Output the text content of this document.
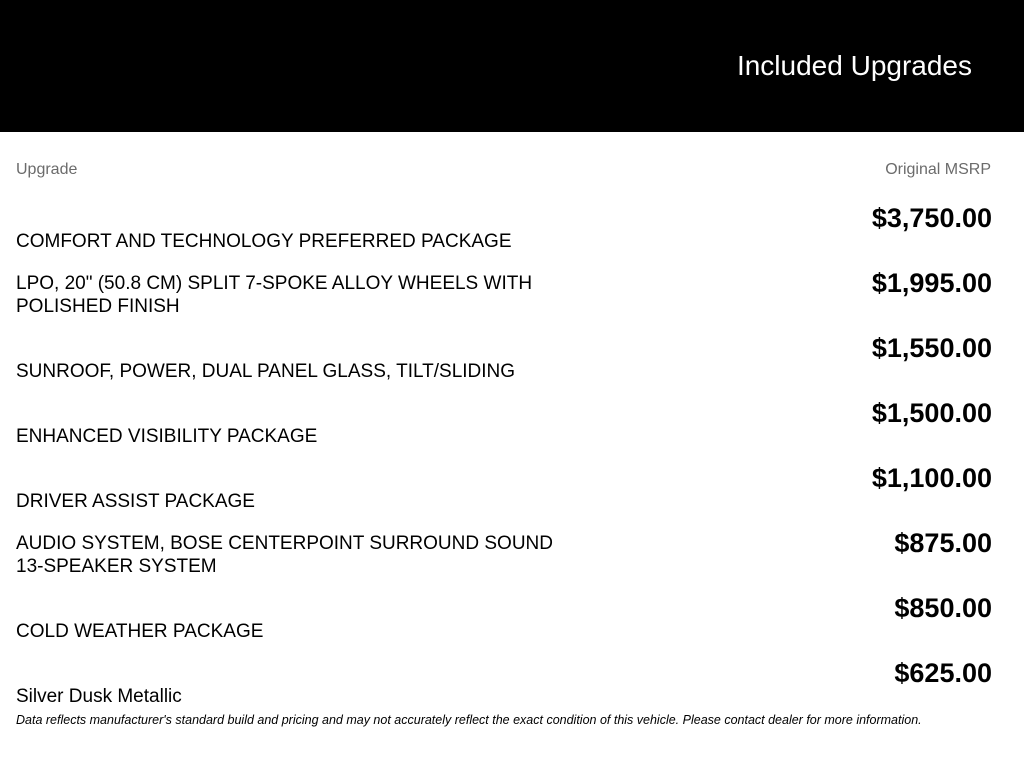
Included Upgrades
Upgrade	Original MSRP
COMFORT AND TECHNOLOGY PREFERRED PACKAGE
$3,750.00
LPO, 20" (50.8 CM) SPLIT 7-SPOKE ALLOY WHEELS WITH POLISHED FINISH
$1,995.00
SUNROOF, POWER, DUAL PANEL GLASS, TILT/SLIDING
$1,550.00
ENHANCED VISIBILITY PACKAGE
$1,500.00
DRIVER ASSIST PACKAGE
$1,100.00
AUDIO SYSTEM, BOSE CENTERPOINT SURROUND SOUND 13-SPEAKER SYSTEM
$875.00
COLD WEATHER PACKAGE
$850.00
Silver Dusk Metallic
$625.00
Data reflects manufacturer's standard build and pricing and may not accurately reflect the exact condition of this vehicle. Please contact dealer for more information.
